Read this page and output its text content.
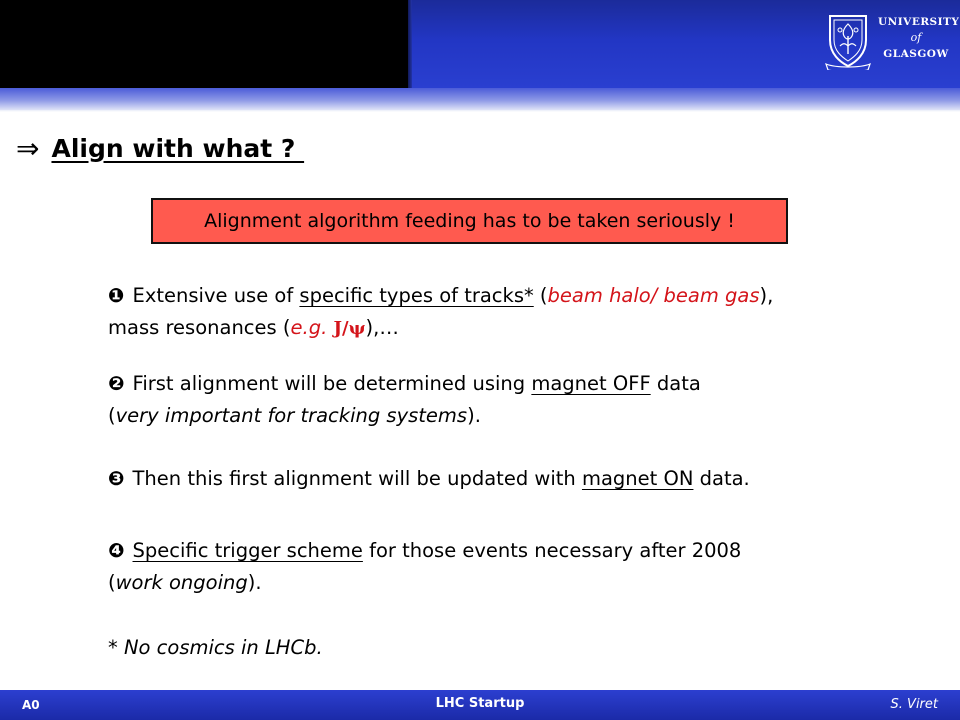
UNIVERSITY
of
GLASGOW
⇒ Align with what ?
Alignment algorithm feeding has to be taken seriously !
❶ Extensive use of specific types of tracks* (beam halo/ beam gas),
mass resonances (e.g. J/ψ),…
❷ First alignment will be determined using magnet OFF data
(very important for tracking systems).
❸ Then this first alignment will be updated with magnet ON data.
❹ Specific trigger scheme for those events necessary after 2008
(work ongoing).
* No cosmics in LHCb.
A0	LHC Startup	S. Viret
